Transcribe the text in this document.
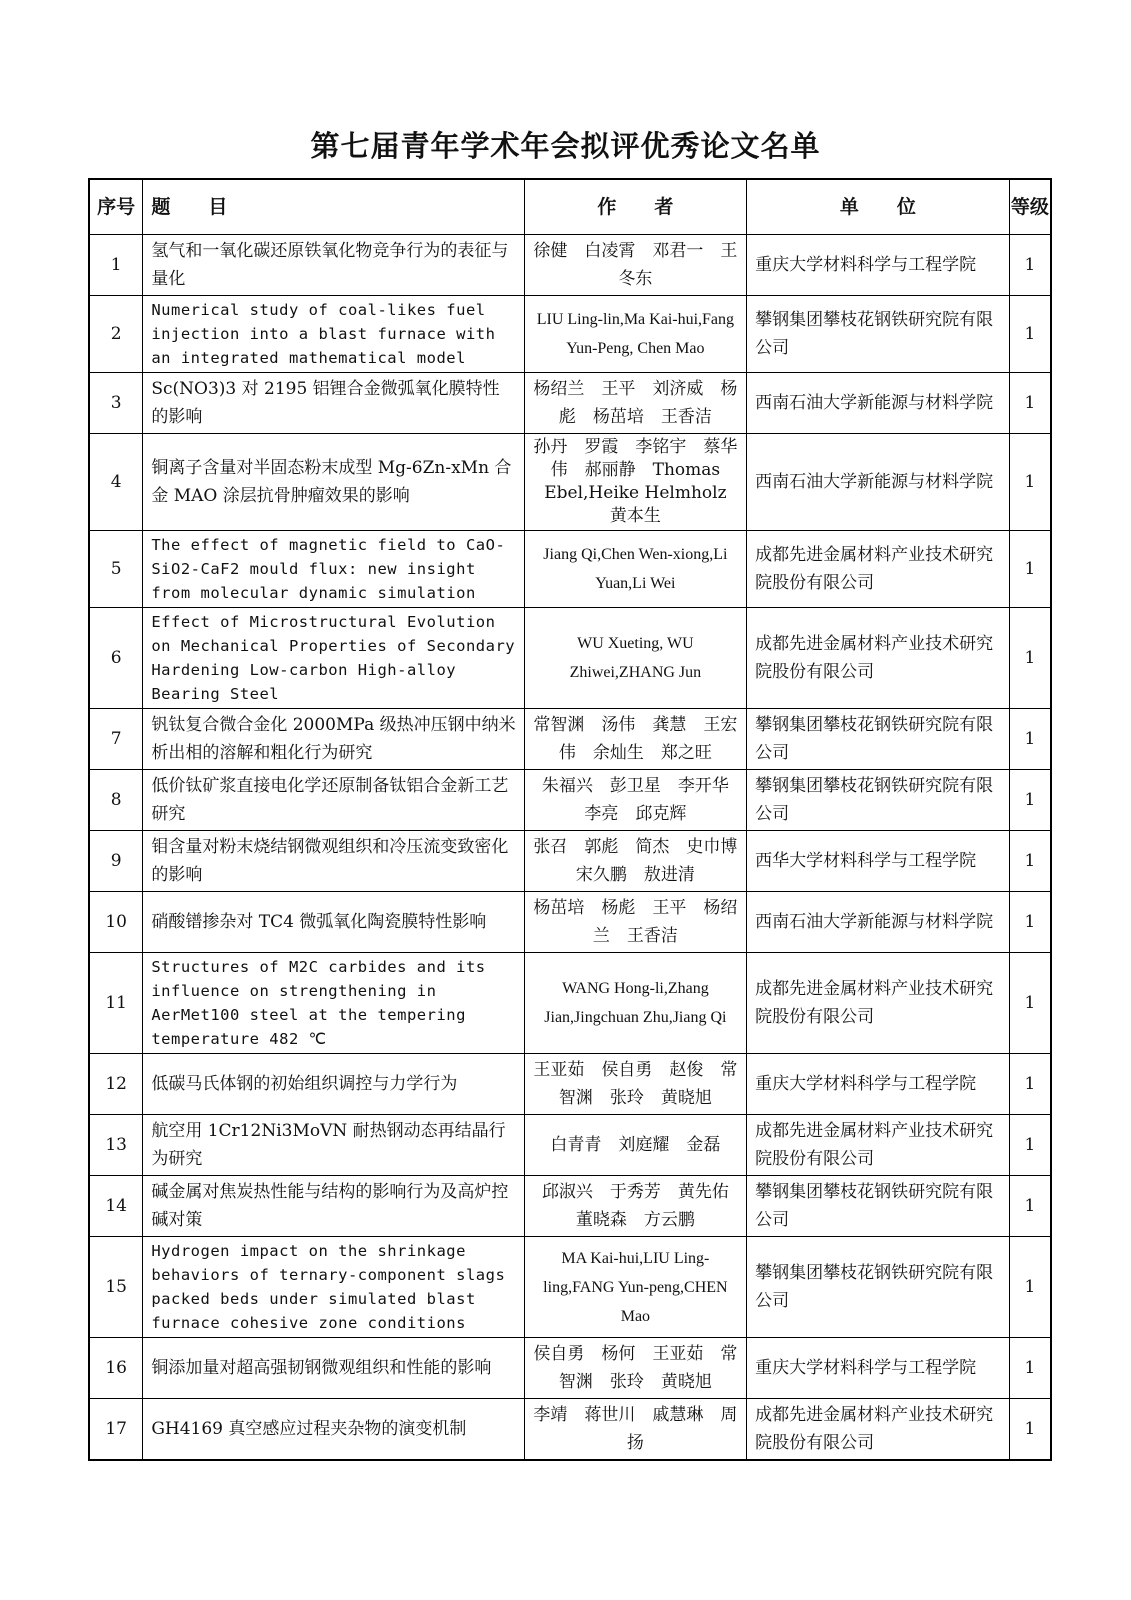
第七届青年学术年会拟评优秀论文名单
序号	题　　目	作　　者	单　　位	等级
1	氢气和一氧化碳还原铁氧化物竞争行为的表征与量化	徐健　白凌霄　邓君一　王冬东	重庆大学材料科学与工程学院	1
2	Numerical study of coal-likes fuel injection into a blast furnace with an integrated mathematical model	LIU Ling-lin,Ma Kai-hui,Fang Yun-Peng, Chen Mao	攀钢集团攀枝花钢铁研究院有限公司	1
3	Sc(NO3)3 对 2195 铝锂合金微弧氧化膜特性的影响	杨绍兰　王平　刘济威　杨彪　杨茁培　王香洁	西南石油大学新能源与材料学院	1
4	铜离子含量对半固态粉末成型 Mg-6Zn-xMn 合金 MAO 涂层抗骨肿瘤效果的影响	孙丹　罗霞　李铭宇　蔡华伟　郝丽静　Thomas Ebel,Heike Helmholz　黄本生	西南石油大学新能源与材料学院	1
5	The effect of magnetic field to CaO-SiO2-CaF2 mould flux: new insight from molecular dynamic simulation	Jiang Qi,Chen Wen-xiong,Li Yuan,Li Wei	成都先进金属材料产业技术研究院股份有限公司	1
6	Effect of Microstructural Evolution on Mechanical Properties of Secondary Hardening Low-carbon High-alloy Bearing Steel	WU Xueting, WU Zhiwei,ZHANG Jun	成都先进金属材料产业技术研究院股份有限公司	1
7	钒钛复合微合金化 2000MPa 级热冲压钢中纳米析出相的溶解和粗化行为研究	常智渊　汤伟　龚慧　王宏伟　余灿生　郑之旺	攀钢集团攀枝花钢铁研究院有限公司	1
8	低价钛矿浆直接电化学还原制备钛铝合金新工艺研究	朱福兴　彭卫星　李开华　李亮　邱克辉	攀钢集团攀枝花钢铁研究院有限公司	1
9	钼含量对粉末烧结钢微观组织和冷压流变致密化的影响	张召　郭彪　简杰　史巾博　宋久鹏　敖进清	西华大学材料科学与工程学院	1
10	硝酸镨掺杂对 TC4 微弧氧化陶瓷膜特性影响	杨茁培　杨彪　王平　杨绍兰　王香洁	西南石油大学新能源与材料学院	1
11	Structures of M2C carbides and its influence on strengthening in AerMet100 steel at the tempering temperature 482 ℃	WANG Hong-li,Zhang Jian,Jingchuan Zhu,Jiang Qi	成都先进金属材料产业技术研究院股份有限公司	1
12	低碳马氏体钢的初始组织调控与力学行为	王亚茹　侯自勇　赵俊　常智渊　张玲　黄晓旭	重庆大学材料科学与工程学院	1
13	航空用 1Cr12Ni3MoVN 耐热钢动态再结晶行为研究	白青青　刘庭耀　金磊	成都先进金属材料产业技术研究院股份有限公司	1
14	碱金属对焦炭热性能与结构的影响行为及高炉控碱对策	邱淑兴　于秀芳　黄先佑　董晓森　方云鹏	攀钢集团攀枝花钢铁研究院有限公司	1
15	Hydrogen impact on the shrinkage behaviors of ternary-component slags packed beds under simulated blast furnace cohesive zone conditions	MA Kai-hui,LIU Ling-ling,FANG Yun-peng,CHEN Mao	攀钢集团攀枝花钢铁研究院有限公司	1
16	铜添加量对超高强韧钢微观组织和性能的影响	侯自勇　杨何　王亚茹　常智渊　张玲　黄晓旭	重庆大学材料科学与工程学院	1
17	GH4169 真空感应过程夹杂物的演变机制	李靖　蒋世川　戚慧琳　周扬	成都先进金属材料产业技术研究院股份有限公司	1
